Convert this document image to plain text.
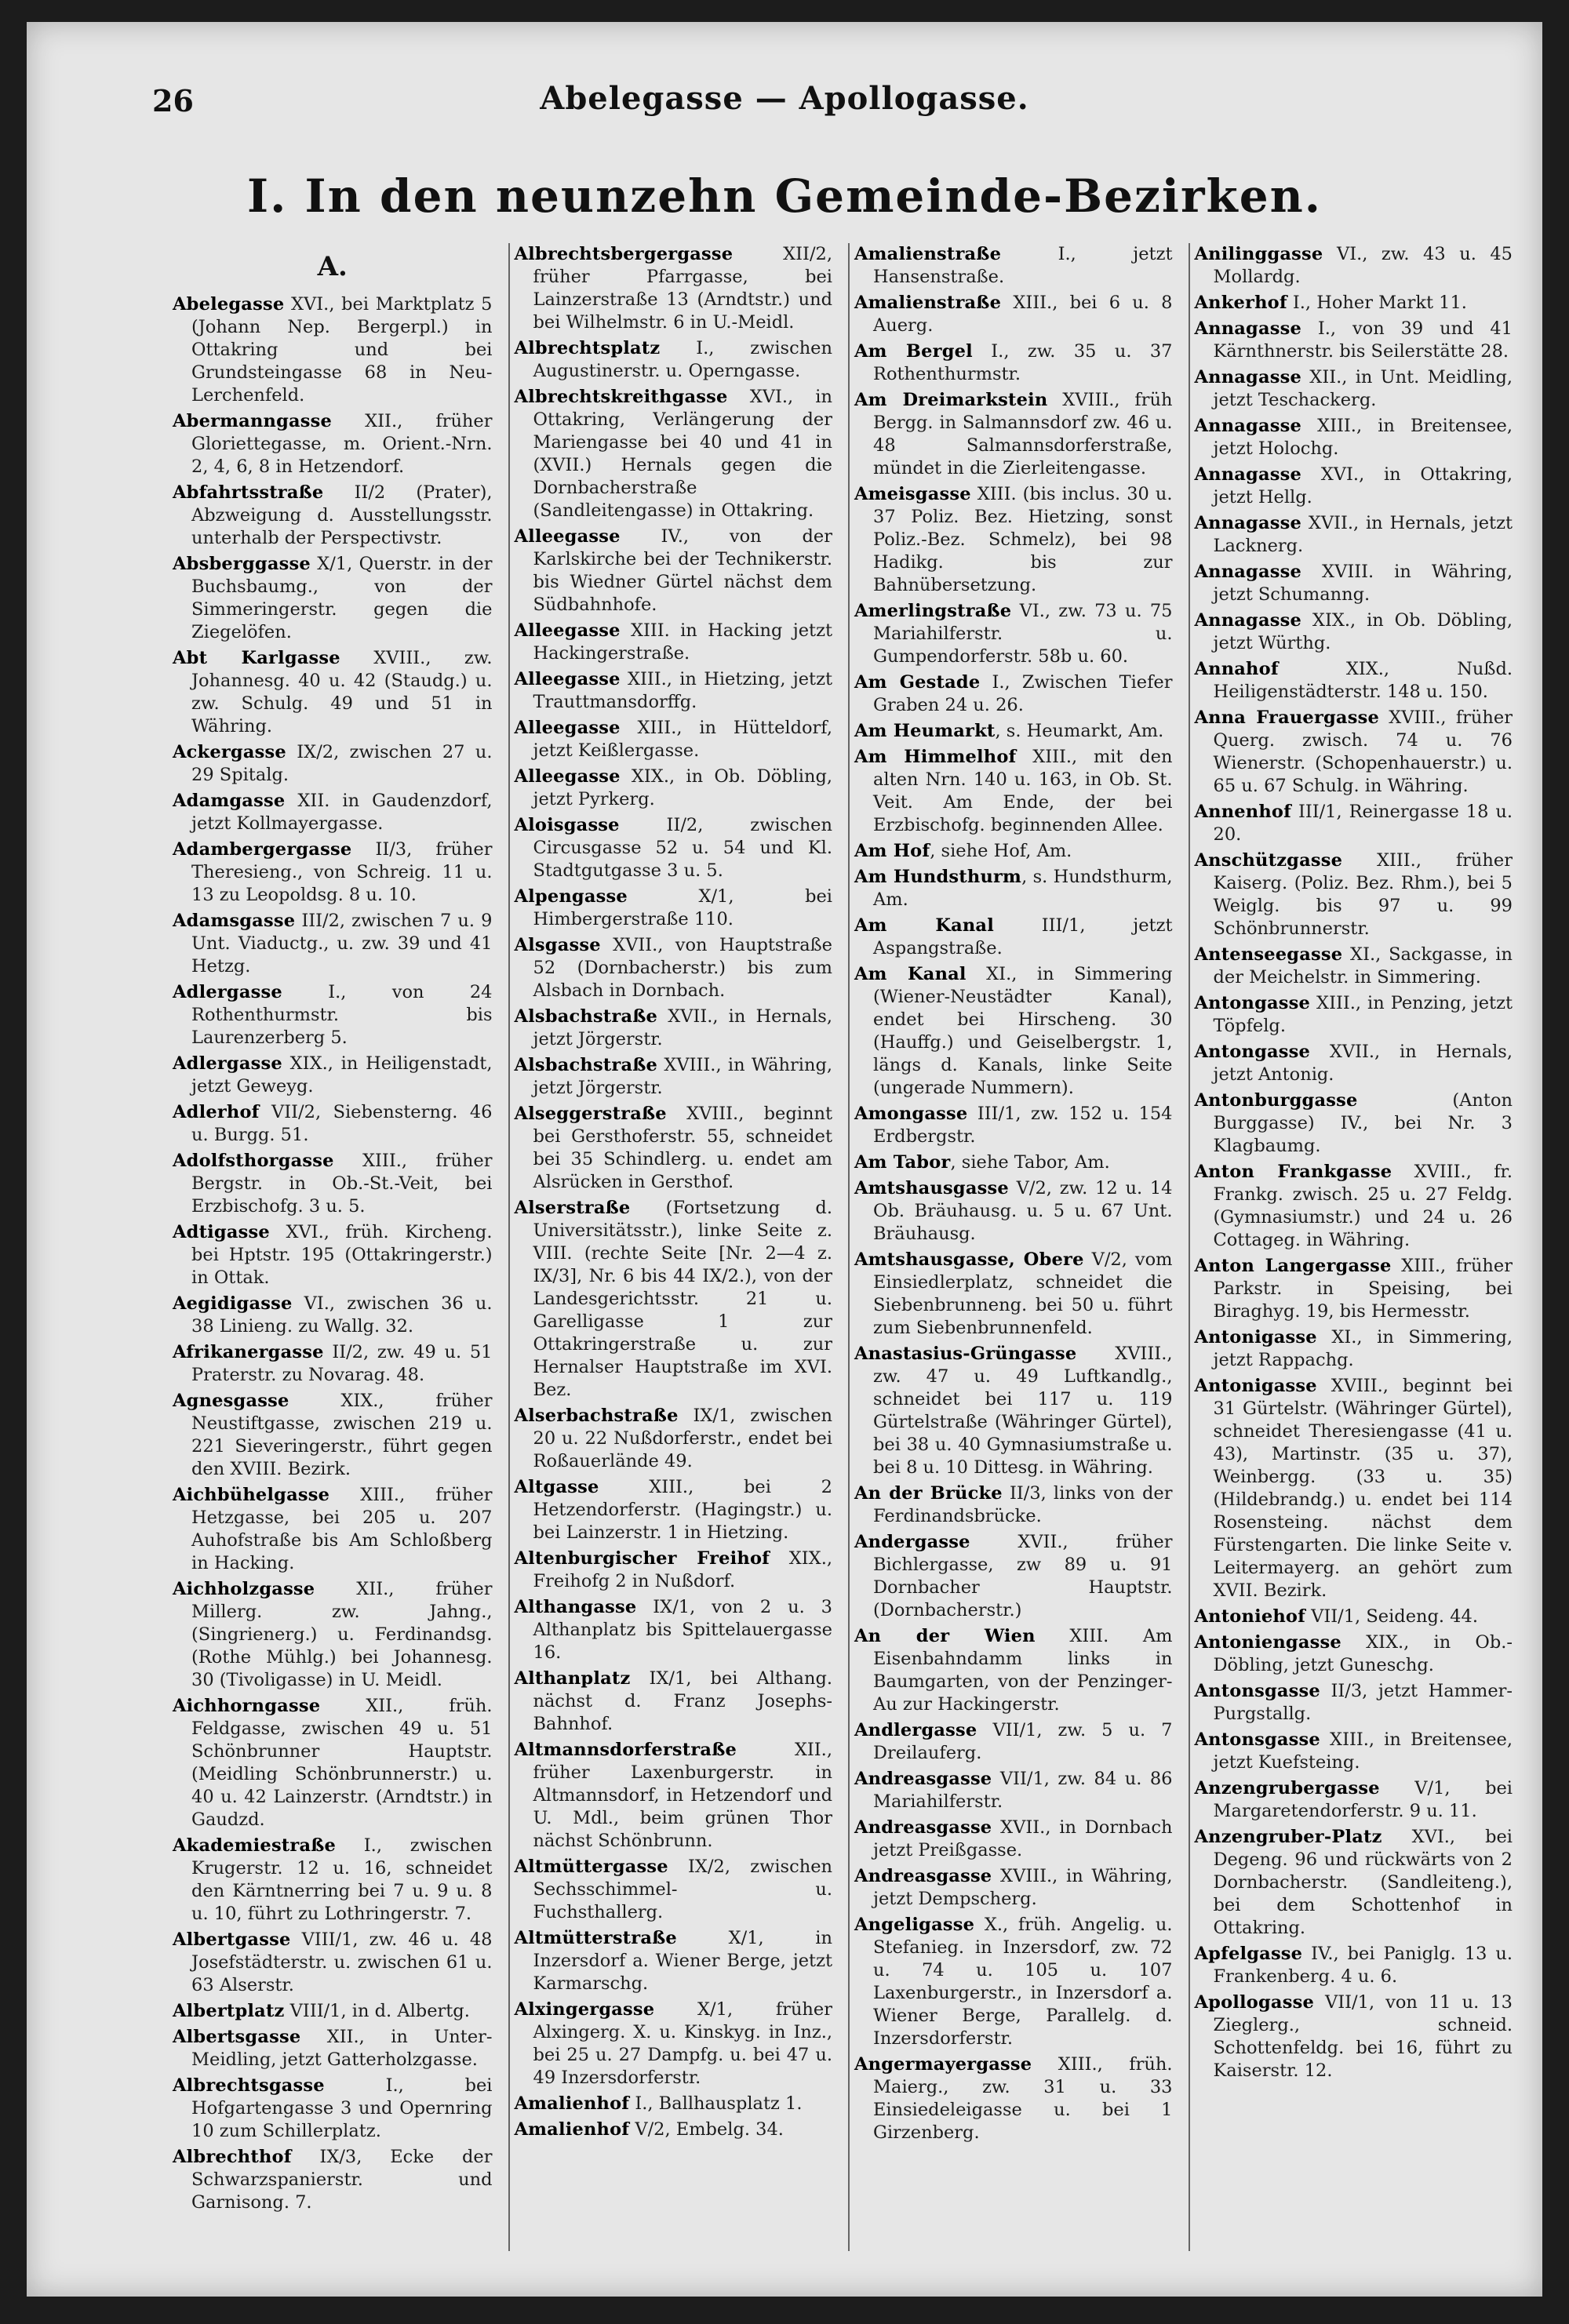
26	Abelegasse — Apollogasse.
I. In den neunzehn Gemeinde-Bezirken.
A.
Abelegasse XVI., bei Marktplatz 5 (Johann Nep. Bergerpl.) in Ottakring und bei Grundsteingasse 68 in Neu-Lerchenfeld.
Abermanngasse XII., früher Gloriettegasse, m. Orient.-Nrn. 2, 4, 6, 8 in Hetzendorf.
Abfahrtsstraße II/2 (Prater), Abzweigung d. Ausstellungsstr. unterhalb der Perspectivstr.
Absberggasse X/1, Querstr. in der Buchsbaumg., von der Simmeringerstr. gegen die Ziegelöfen.
Abt Karlgasse XVIII., zw. Johannesg. 40 u. 42 (Staudg.) u. zw. Schulg. 49 und 51 in Währing.
Ackergasse IX/2, zwischen 27 u. 29 Spitalg.
Adamgasse XII. in Gaudenzdorf, jetzt Kollmayergasse.
Adambergergasse II/3, früher Theresieng., von Schreig. 11 u. 13 zu Leopoldsg. 8 u. 10.
Adamsgasse III/2, zwischen 7 u. 9 Unt. Viaductg., u. zw. 39 und 41 Hetzg.
Adlergasse I., von 24 Rothenthurmstr. bis Laurenzerberg 5.
Adlergasse XIX., in Heiligenstadt, jetzt Geweyg.
Adlerhof VII/2, Siebensterng. 46 u. Burgg. 51.
Adolfsthorgasse XIII., früher Bergstr. in Ob.-St.-Veit, bei Erzbischofg. 3 u. 5.
Adtigasse XVI., früh. Kircheng. bei Hptstr. 195 (Ottakringerstr.) in Ottak.
Aegidigasse VI., zwischen 36 u. 38 Linieng. zu Wallg. 32.
Afrikanergasse II/2, zw. 49 u. 51 Praterstr. zu Novarag. 48.
Agnesgasse XIX., früher Neustiftgasse, zwischen 219 u. 221 Sieveringerstr., führt gegen den XVIII. Bezirk.
Aichbühelgasse XIII., früher Hetzgasse, bei 205 u. 207 Auhofstraße bis Am Schloßberg in Hacking.
Aichholzgasse XII., früher Millerg. zw. Jahng., (Singrienerg.) u. Ferdinandsg. (Rothe Mühlg.) bei Johannesg. 30 (Tivoligasse) in U. Meidl.
Aichhorngasse XII., früh. Feldgasse, zwischen 49 u. 51 Schönbrunner Hauptstr. (Meidling Schönbrunnerstr.) u. 40 u. 42 Lainzerstr. (Arndtstr.) in Gaudzd.
Akademiestraße I., zwischen Krugerstr. 12 u. 16, schneidet den Kärntnerring bei 7 u. 9 u. 8 u. 10, führt zu Lothringerstr. 7.
Albertgasse VIII/1, zw. 46 u. 48 Josefstädterstr. u. zwischen 61 u. 63 Alserstr.
Albertplatz VIII/1, in d. Albertg.
Albertsgasse XII., in Unter-Meidling, jetzt Gatterholzgasse.
Albrechtsgasse I., bei Hofgartengasse 3 und Opernring 10 zum Schillerplatz.
Albrechthof IX/3, Ecke der Schwarzspanierstr. und Garnisong. 7.
Albrechtsbergergasse XII/2, früher Pfarrgasse, bei Lainzerstraße 13 (Arndtstr.) und bei Wilhelmstr. 6 in U.-Meidl.
Albrechtsplatz I., zwischen Augustinerstr. u. Operngasse.
Albrechtskreithgasse XVI., in Ottakring, Verlängerung der Mariengasse bei 40 und 41 in (XVII.) Hernals gegen die Dornbacherstraße (Sandleitengasse) in Ottakring.
Alleegasse IV., von der Karlskirche bei der Technikerstr. bis Wiedner Gürtel nächst dem Südbahnhofe.
Alleegasse XIII. in Hacking jetzt Hackingerstraße.
Alleegasse XIII., in Hietzing, jetzt Trauttmansdorffg.
Alleegasse XIII., in Hütteldorf, jetzt Keißlergasse.
Alleegasse XIX., in Ob. Döbling, jetzt Pyrkerg.
Aloisgasse II/2, zwischen Circusgasse 52 u. 54 und Kl. Stadtgutgasse 3 u. 5.
Alpengasse X/1, bei Himbergerstraße 110.
Alsgasse XVII., von Hauptstraße 52 (Dornbacherstr.) bis zum Alsbach in Dornbach.
Alsbachstraße XVII., in Hernals, jetzt Jörgerstr.
Alsbachstraße XVIII., in Währing, jetzt Jörgerstr.
Alseggerstraße XVIII., beginnt bei Gersthoferstr. 55, schneidet bei 35 Schindlerg. u. endet am Alsrücken in Gersthof.
Alserstraße (Fortsetzung d. Universitätsstr.), linke Seite z. VIII. (rechte Seite [Nr. 2—4 z. IX/3], Nr. 6 bis 44 IX/2.), von der Landesgerichtsstr. 21 u. Garelligasse 1 zur Ottakringerstraße u. zur Hernalser Hauptstraße im XVI. Bez.
Alserbachstraße IX/1, zwischen 20 u. 22 Nußdorferstr., endet bei Roßauerlände 49.
Altgasse XIII., bei 2 Hetzendorferstr. (Hagingstr.) u. bei Lainzerstr. 1 in Hietzing.
Altenburgischer Freihof XIX., Freihofg 2 in Nußdorf.
Althangasse IX/1, von 2 u. 3 Althanplatz bis Spittelauergasse 16.
Althanplatz IX/1, bei Althang. nächst d. Franz Josephs-Bahnhof.
Altmannsdorferstraße XII., früher Laxenburgerstr. in Altmannsdorf, in Hetzendorf und U. Mdl., beim grünen Thor nächst Schönbrunn.
Altmüttergasse IX/2, zwischen Sechsschimmel- u. Fuchsthallerg.
Altmütterstraße X/1, in Inzersdorf a. Wiener Berge, jetzt Karmarschg.
Alxingergasse X/1, früher Alxingerg. X. u. Kinskyg. in Inz., bei 25 u. 27 Dampfg. u. bei 47 u. 49 Inzersdorferstr.
Amalienhof I., Ballhausplatz 1.
Amalienhof V/2, Embelg. 34.
Amalienstraße I., jetzt Hansenstraße.
Amalienstraße XIII., bei 6 u. 8 Auerg.
Am Bergel I., zw. 35 u. 37 Rothenthurmstr.
Am Dreimarkstein XVIII., früh Bergg. in Salmannsdorf zw. 46 u. 48 Salmannsdorferstraße, mündet in die Zierleitengasse.
Ameisgasse XIII. (bis inclus. 30 u. 37 Poliz. Bez. Hietzing, sonst Poliz.-Bez. Schmelz), bei 98 Hadikg. bis zur Bahnübersetzung.
Amerlingstraße VI., zw. 73 u. 75 Mariahilferstr. u. Gumpendorferstr. 58b u. 60.
Am Gestade I., Zwischen Tiefer Graben 24 u. 26.
Am Heumarkt, s. Heumarkt, Am.
Am Himmelhof XIII., mit den alten Nrn. 140 u. 163, in Ob. St. Veit. Am Ende, der bei Erzbischofg. beginnenden Allee.
Am Hof, siehe Hof, Am.
Am Hundsthurm, s. Hundsthurm, Am.
Am Kanal III/1, jetzt Aspangstraße.
Am Kanal XI., in Simmering (Wiener-Neustädter Kanal), endet bei Hirscheng. 30 (Hauffg.) und Geiselbergstr. 1, längs d. Kanals, linke Seite (ungerade Nummern).
Amongasse III/1, zw. 152 u. 154 Erdbergstr.
Am Tabor, siehe Tabor, Am.
Amtshausgasse V/2, zw. 12 u. 14 Ob. Bräuhausg. u. 5 u. 67 Unt. Bräuhausg.
Amtshausgasse, Obere V/2, vom Einsiedlerplatz, schneidet die Siebenbrunneng. bei 50 u. führt zum Siebenbrunnenfeld.
Anastasius-Grüngasse XVIII., zw. 47 u. 49 Luftkandlg., schneidet bei 117 u. 119 Gürtelstraße (Währinger Gürtel), bei 38 u. 40 Gymnasiumstraße u. bei 8 u. 10 Dittesg. in Währing.
An der Brücke II/3, links von der Ferdinandsbrücke.
Andergasse XVII., früher Bichlergasse, zw 89 u. 91 Dornbacher Hauptstr. (Dornbacherstr.)
An der Wien XIII. Am Eisenbahndamm links in Baumgarten, von der Penzinger-Au zur Hackingerstr.
Andlergasse VII/1, zw. 5 u. 7 Dreilauferg.
Andreasgasse VII/1, zw. 84 u. 86 Mariahilferstr.
Andreasgasse XVII., in Dornbach jetzt Preißgasse.
Andreasgasse XVIII., in Währing, jetzt Dempscherg.
Angeligasse X., früh. Angelig. u. Stefanieg. in Inzersdorf, zw. 72 u. 74 u. 105 u. 107 Laxenburgerstr., in Inzersdorf a. Wiener Berge, Parallelg. d. Inzersdorferstr.
Angermayergasse XIII., früh. Maierg., zw. 31 u. 33 Einsiedeleigasse u. bei 1 Girzenberg.
Anilinggasse VI., zw. 43 u. 45 Mollardg.
Ankerhof I., Hoher Markt 11.
Annagasse I., von 39 und 41 Kärnthnerstr. bis Seilerstätte 28.
Annagasse XII., in Unt. Meidling, jetzt Teschackerg.
Annagasse XIII., in Breitensee, jetzt Holochg.
Annagasse XVI., in Ottakring, jetzt Hellg.
Annagasse XVII., in Hernals, jetzt Lacknerg.
Annagasse XVIII. in Währing, jetzt Schumanng.
Annagasse XIX., in Ob. Döbling, jetzt Würthg.
Annahof XIX., Nußd. Heiligenstädterstr. 148 u. 150.
Anna Frauergasse XVIII., früher Querg. zwisch. 74 u. 76 Wienerstr. (Schopenhauerstr.) u. 65 u. 67 Schulg. in Währing.
Annenhof III/1, Reinergasse 18 u. 20.
Anschützgasse XIII., früher Kaiserg. (Poliz. Bez. Rhm.), bei 5 Weiglg. bis 97 u. 99 Schönbrunnerstr.
Antenseegasse XI., Sackgasse, in der Meichelstr. in Simmering.
Antongasse XIII., in Penzing, jetzt Töpfelg.
Antongasse XVII., in Hernals, jetzt Antonig.
Antonburggasse (Anton Burggasse) IV., bei Nr. 3 Klagbaumg.
Anton Frankgasse XVIII., fr. Frankg. zwisch. 25 u. 27 Feldg. (Gymnasiumstr.) und 24 u. 26 Cottageg. in Währing.
Anton Langergasse XIII., früher Parkstr. in Speising, bei Biraghyg. 19, bis Hermesstr.
Antonigasse XI., in Simmering, jetzt Rappachg.
Antonigasse XVIII., beginnt bei 31 Gürtelstr. (Währinger Gürtel), schneidet Theresiengasse (41 u. 43), Martinstr. (35 u. 37), Weinbergg. (33 u. 35) (Hildebrandg.) u. endet bei 114 Rosensteing. nächst dem Fürstengarten. Die linke Seite v. Leitermayerg. an gehört zum XVII. Bezirk.
Antoniehof VII/1, Seideng. 44.
Antoniengasse XIX., in Ob.-Döbling, jetzt Guneschg.
Antonsgasse II/3, jetzt Hammer-Purgstallg.
Antonsgasse XIII., in Breitensee, jetzt Kuefsteing.
Anzengrubergasse V/1, bei Margaretendorferstr. 9 u. 11.
Anzengruber-Platz XVI., bei Degeng. 96 und rückwärts von 2 Dornbacherstr. (Sandleiteng.), bei dem Schottenhof in Ottakring.
Apfelgasse IV., bei Paniglg. 13 u. Frankenberg. 4 u. 6.
Apollogasse VII/1, von 11 u. 13 Zieglerg., schneid. Schottenfeldg. bei 16, führt zu Kaiserstr. 12.
